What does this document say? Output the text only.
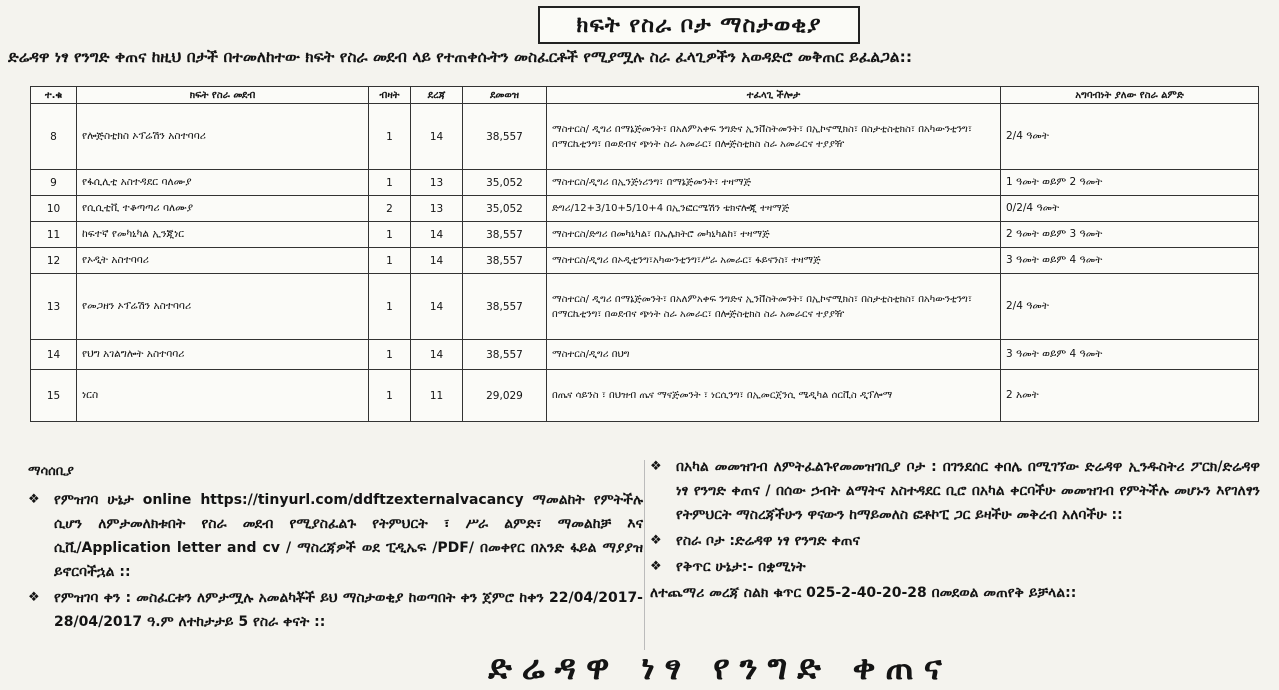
ክፍት የስራ ቦታ ማስታወቂያ
ድሬዳዋ ነፃ የንግድ ቀጠና ከዚህ በታች በተመለከተው ክፍት የስራ መደብ ላይ የተጠቀሱትን መስፈርቶች የሚያሟሉ ስራ ፈላጊዎችን አወዳድሮ መቅጠር ይፈልጋል::
ተ.ቁ	ክፍት የስራ መደብ	ብዛት	ደረጃ	ደመወዝ	ተፈላጊ ችሎታ	አግባብነት ያለው የስራ ልምድ
8	የሎጅስቲክስ ኦፕሬሽን አስተባባሪ	1	14	38,557	ማስተርስ/ ዲግሪ በማኔጅመንት፣ በአለምአቀፍ ንግድና ኢንቨስትመንት፣ በኢኮኖሚክስ፣ በስታቲስቲክስ፣ በአካውንቲንግ፣ በማርኬቲንግ፣ በወደብና ጭነት ስራ አመራር፣ በሎጅስቲክስ ስራ አመራርና ተያያዥ	2/4 ዓመት
9	የፋሲሊቲ አስተዳደር ባለሙያ	1	13	35,052	ማስተርስ/ዲግሪ በኢንጅነሪንግ፣ በማኔጅመንት፣ ተዛማጅ	1 ዓመት ወይም 2 ዓመት
10	የሲሲቲቪ ተቆጣጣሪ ባለሙያ	2	13	35,052	ድግሪ/12+3/10+5/10+4 በኢንፎርሜሽን ቴክኖሎጂ ተዛማጅ	0/2/4 ዓመት
11	ከፍተኛ የመካኒካል ኢንጂነር	1	14	38,557	ማስተርስ/ድግሪ በመካኒካል፣ በኤሌክትሮ መካኒካልከ፣ ተዛማጅ	2 ዓመት ወይም 3 ዓመት
12	የኦዲት አስተባባሪ	1	14	38,557	ማስተርስ/ዲግሪ በኦዲቲንግ፣አካውንቲንግ፣ሥራ አመራር፣ ፋይናንስ፣ ተዛማጅ	3 ዓመት ወይም 4 ዓመት
13	የመጋዘን ኦፕሬሽን አስተባባሪ	1	14	38,557	ማስተርስ/ ዲግሪ በማኔጅመንት፣ በአለምአቀፍ ንግድና ኢንቨስትመንት፣ በኢኮኖሚክስ፣ በስታቲስቲክስ፣ በአካውንቲንግ፣ በማርኬቲንግ፣ በወደብና ጭነት ስራ አመራር፣ በሎጅስቲክስ ስራ አመራርና ተያያዥ	2/4 ዓመት
14	የህግ አገልግሎት አስተባባሪ	1	14	38,557	ማስተርስ/ዲግሪ በህግ	3 ዓመት ወይም 4 ዓመት
15	ነርስ	1	11	29,029	በጤና ሳይንስ ፣ በህዝብ ጤና ማናጅመንት ፣ ነርሲንግ፣ በኢመርጀንሲ ሜዲካል ሰርቪስ ዲፕሎማ	2 አመት
ማሳሰቢያ
❖ የምዝገባ ሁኔታ online https://tinyurl.com/ddftzexternalvacancy ማመልከት የምትችሉ ሲሆን ለምታመለክቱበት የስራ መደብ የሚያስፈልጉ የትምህርት ፣ ሥራ ልምድ፣ ማመልከቻ እና ሲቪ/Application letter and cv / ማስረጃዎች ወደ ፒዲኤፍ /PDF/ በመቀየር በአንድ ፋይል ማያያዝ ይኖርባችኋል ::
❖ የምዝገባ ቀን : መስፈርቱን ለምታሟሉ አመልካቾች ይህ ማስታወቂያ ከወጣበት ቀን ጀምሮ ከቀን 22/04/2017-28/04/2017 ዓ.ም ለተከታታይ 5 የስራ ቀናት ::
❖ በአካል መመዝገብ ለምትፈልጉየመመዝገቢያ ቦታ : በገንደሰር ቀበሌ በሚገኘው ድሬዳዋ ኢንዱስትሪ ፖርክ/ድሬዳዋ ነፃ የንግድ ቀጠና / በሰው ኃብት ልማትና አስተዳደር ቢሮ በአካል ቀርባችሁ መመዝገብ የምትችሉ መሆኑን እየገለፃን የትምህርት ማስረጃችሁን ዋናውን ከማይመለስ ፎቶኮፒ ጋር ይዛችሁ መቅረብ አለባችሁ ::
❖ የስራ ቦታ :ድሬዳዋ ነፃ የንግድ ቀጠና
❖ የቅጥር ሁኔታ:- በቋሚነት
ለተጨማሪ መረጃ ስልክ ቁጥር 025-2-40-20-28 በመደወል መጠየቅ ይቻላል::
ድሬዳዋ ነፃ የንግድ ቀጠና
